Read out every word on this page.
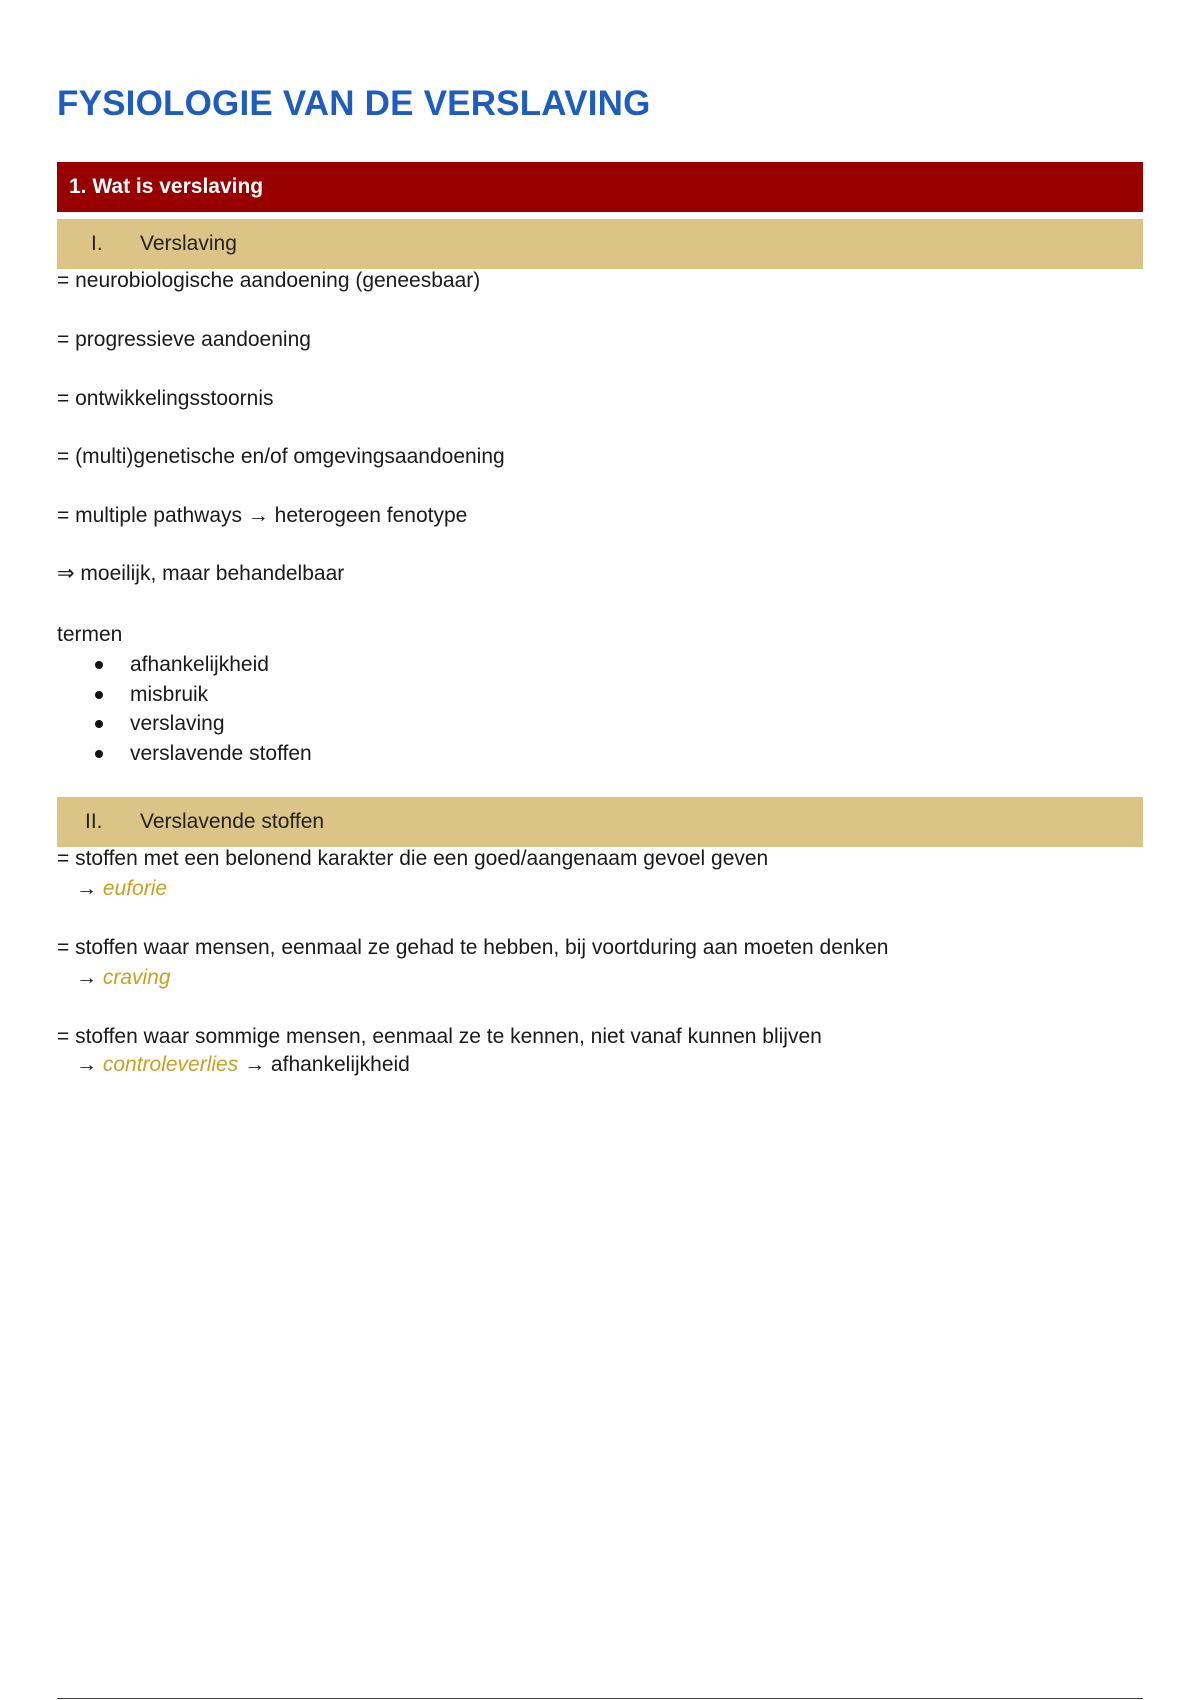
FYSIOLOGIE VAN DE VERSLAVING
1. Wat is verslaving
I. Verslaving

= neurobiologische aandoening (geneesbaar)

= progressieve aandoening

= ontwikkelingsstoornis

= (multi)genetische en/of omgevingsaandoening

= multiple pathways → heterogeen fenotype

⇒ moeilijk, maar behandelbaar

termen

afhankelijkheid
misbruik
verslaving
verslavende stoffen
II. Verslavende stoffen

= stoffen met een belonend karakter die een goed/aangenaam gevoel geven

→ euforie

= stoffen waar mensen, eenmaal ze gehad te hebben, bij voortduring aan moeten denken

→ craving

= stoffen waar sommige mensen, eenmaal ze te kennen, niet vanaf kunnen blijven

→ controleverlies → afhankelijkheid
